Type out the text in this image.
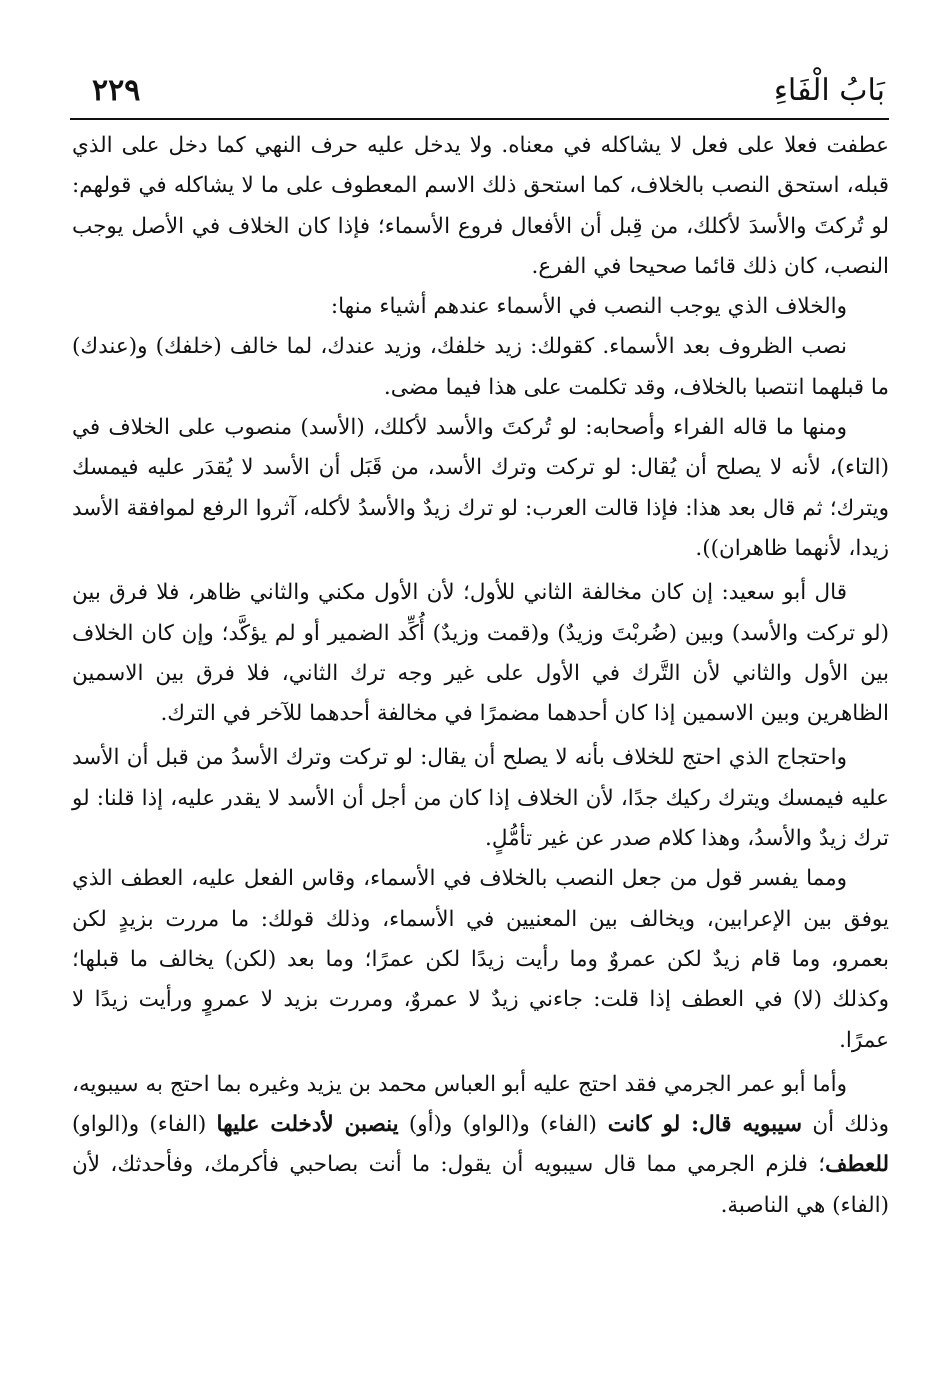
٢٢٩	بَابُ الْفَاءِ

عطفت فعلا على فعل لا يشاكله في معناه. ولا يدخل عليه حرف النهي كما دخل على الذي قبله، استحق النصب بالخلاف، كما استحق ذلك الاسم المعطوف على ما لا يشاكله في قولهم: لو تُركتَ والأسدَ لأكلك، من قِبل أن الأفعال فروع الأسماء؛ فإذا كان الخلاف في الأصل يوجب النصب، كان ذلك قائما صحيحا في الفرع.

والخلاف الذي يوجب النصب في الأسماء عندهم أشياء منها:

نصب الظروف بعد الأسماء. كقولك: زيد خلفك، وزيد عندك، لما خالف (خلفك) و(عندك) ما قبلهما انتصبا بالخلاف، وقد تكلمت على هذا فيما مضى.

ومنها ما قاله الفراء وأصحابه: لو تُركتَ والأسد لأكلك، (الأسد) منصوب على الخلاف في (التاء)، لأنه لا يصلح أن يُقال: لو تركت وترك الأسد، من قَبَل أن الأسد لا يُقدَر عليه فيمسك ويترك؛ ثم قال بعد هذا: فإذا قالت العرب: لو ترك زيدٌ والأسدُ لأكله، آثروا الرفع لموافقة الأسد زيدا، لأنهما ظاهران)).

قال أبو سعيد: إن كان مخالفة الثاني للأول؛ لأن الأول مكني والثاني ظاهر، فلا فرق بين (لو تركت والأسد) وبين (ضُربْتَ وزيدٌ) و(قمت وزيدٌ) أُكِّد الضمير أو لم يؤكَّد؛ وإن كان الخلاف بين الأول والثاني لأن التَّرك في الأول على غير وجه ترك الثاني، فلا فرق بين الاسمين الظاهرين وبين الاسمين إذا كان أحدهما مضمرًا في مخالفة أحدهما للآخر في الترك.

واحتجاج الذي احتج للخلاف بأنه لا يصلح أن يقال: لو تركت وترك الأسدُ من قبل أن الأسد عليه فيمسك ويترك ركيك جدًا، لأن الخلاف إذا كان من أجل أن الأسد لا يقدر عليه، إذا قلنا: لو ترك زيدٌ والأسدُ، وهذا كلام صدر عن غير تأمُّلٍ.

ومما يفسر قول من جعل النصب بالخلاف في الأسماء، وقاس الفعل عليه، العطف الذي يوفق بين الإعرابين، ويخالف بين المعنيين في الأسماء، وذلك قولك: ما مررت بزيدٍ لكن بعمرو، وما قام زيدٌ لكن عمروٌ وما رأيت زيدًا لكن عمرًا؛ وما بعد (لكن) يخالف ما قبلها؛ وكذلك (لا) في العطف إذا قلت: جاءني زيدٌ لا عمروٌ، ومررت بزيد لا عمروٍ ورأيت زيدًا لا عمرًا.

وأما أبو عمر الجرمي فقد احتج عليه أبو العباس محمد بن يزيد وغيره بما احتج به سيبويه، وذلك أن سيبويه قال: لو كانت (الفاء) و(الواو) و(أو) ينصبن لأدخلت عليها (الفاء) و(الواو) للعطف؛ فلزم الجرمي مما قال سيبويه أن يقول: ما أنت بصاحبي فأكرمك، وفأحدثك، لأن (الفاء) هي الناصبة.
